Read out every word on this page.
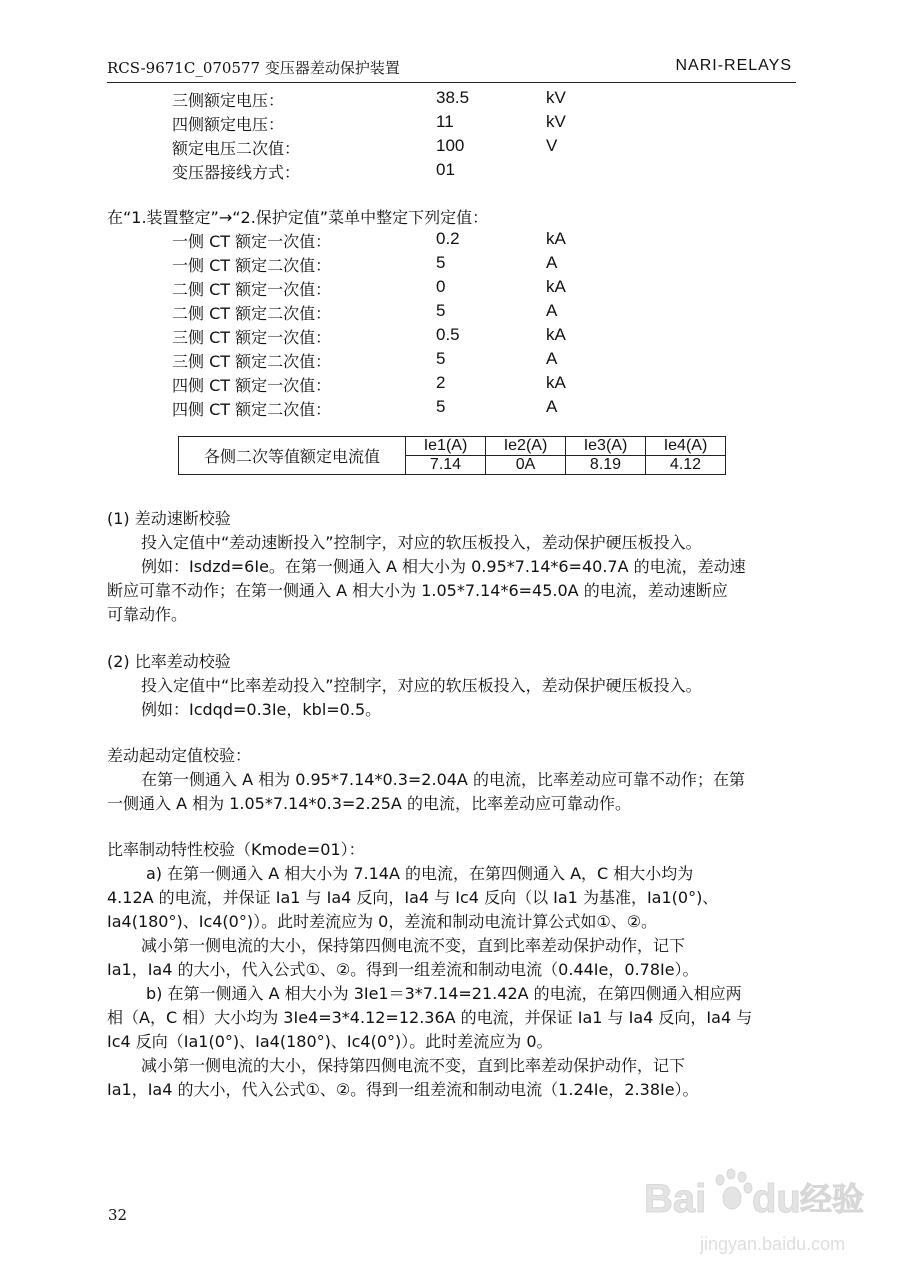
RCS-9671C_070577 变压器差动保护装置	NARI-RELAYS
三侧额定电压：	38.5	kV
四侧额定电压：	11	kV
额定电压二次值：	100	V
变压器接线方式：	01
在“1.装置整定”→“2.保护定值”菜单中整定下列定值：
一侧 CT 额定一次值：	0.2	kA
一侧 CT 额定二次值：	5	A
二侧 CT 额定一次值：	0	kA
二侧 CT 额定二次值：	5	A
三侧 CT 额定一次值：	0.5	kA
三侧 CT 额定二次值：	5	A
四侧 CT 额定一次值：	2	kA
四侧 CT 额定二次值：	5	A
各侧二次等值额定电流值	Ie1(A)	Ie2(A)	Ie3(A)	Ie4(A)
	7.14	0A	8.19	4.12
(1) 差动速断校验
投入定值中“差动速断投入”控制字，对应的软压板投入，差动保护硬压板投入。
例如：Isdzd=6Ie。在第一侧通入 A 相大小为 0.95*7.14*6=40.7A 的电流，差动速
断应可靠不动作；在第一侧通入 A 相大小为 1.05*7.14*6=45.0A 的电流，差动速断应
可靠动作。
(2) 比率差动校验
投入定值中“比率差动投入”控制字，对应的软压板投入，差动保护硬压板投入。
例如：Icdqd=0.3Ie，kbl=0.5。
差动起动定值校验：
在第一侧通入 A 相为 0.95*7.14*0.3=2.04A 的电流，比率差动应可靠不动作；在第
一侧通入 A 相为 1.05*7.14*0.3=2.25A 的电流，比率差动应可靠动作。
比率制动特性校验（Kmode=01）：
a) 在第一侧通入 A 相大小为 7.14A 的电流，在第四侧通入 A，C 相大小均为
4.12A 的电流，并保证 Ia1 与 Ia4 反向，Ia4 与 Ic4 反向（以 Ia1 为基准，Ia1(0°)、
Ia4(180°)、Ic4(0°)）。此时差流应为 0，差流和制动电流计算公式如①、②。
减小第一侧电流的大小，保持第四侧电流不变，直到比率差动保护动作，记下
Ia1，Ia4 的大小，代入公式①、②。得到一组差流和制动电流（0.44Ie，0.78Ie）。
b) 在第一侧通入 A 相大小为 3Ie1＝3*7.14=21.42A 的电流，在第四侧通入相应两
相（A，C 相）大小均为 3Ie4=3*4.12=12.36A 的电流，并保证 Ia1 与 Ia4 反向，Ia4 与
Ic4 反向（Ia1(0°)、Ia4(180°)、Ic4(0°)）。此时差流应为 0。
减小第一侧电流的大小，保持第四侧电流不变，直到比率差动保护动作，记下
Ia1，Ia4 的大小，代入公式①、②。得到一组差流和制动电流（1.24Ie，2.38Ie）。
32	Bai du 经验
jingyan.baidu.com
